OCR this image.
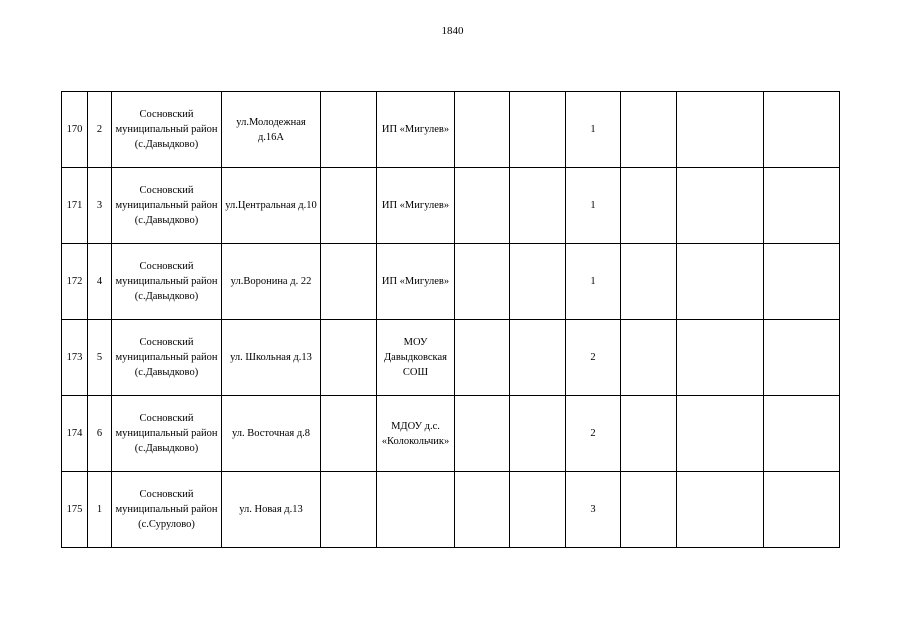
1840
170	2	Сосновский муниципальный район (с.Давыдково)	ул.Молодежная д.16А		ИП «Мигулев»			1			
171	3	Сосновский муниципальный район (с.Давыдково)	ул.Центральная д.10		ИП «Мигулев»			1			
172	4	Сосновский муниципальный район (с.Давыдково)	ул.Воронина д. 22		ИП «Мигулев»			1			
173	5	Сосновский муниципальный район (с.Давыдково)	ул. Школьная д.13		МОУ Давыдковская СОШ			2			
174	6	Сосновский муниципальный район (с.Давыдково)	ул. Восточная д.8		МДОУ д.с. «Колокольчик»			2			
175	1	Сосновский муниципальный район (с.Сурулово)	ул. Новая д.13					3			
